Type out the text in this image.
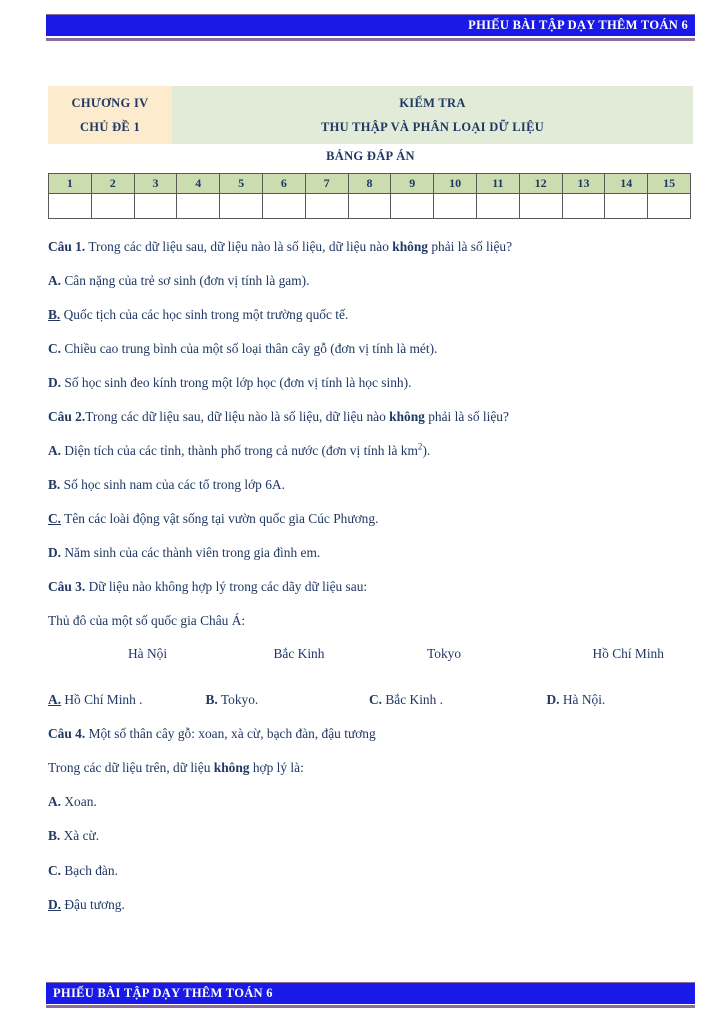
PHIẾU BÀI TẬP DẠY THÊM TOÁN 6
CHƯƠNG IV
CHỦ ĐỀ 1
KIỂM TRA
THU THẬP VÀ PHÂN LOẠI DỮ LIỆU
BẢNG ĐÁP ÁN
1	2	3	4	5	6	7	8	9	10	11	12	13	14	15

Câu 1. Trong các dữ liệu sau, dữ liệu nào là số liệu, dữ liệu nào không phải là số liệu?

A. Cân nặng của trẻ sơ sinh (đơn vị tính là gam).

B. Quốc tịch của các học sinh trong một trường quốc tế.

C. Chiều cao trung bình của một số loại thân cây gỗ (đơn vị tính là mét).

D. Số học sinh đeo kính trong một lớp học (đơn vị tính là học sinh).

Câu 2.Trong các dữ liệu sau, dữ liệu nào là số liệu, dữ liệu nào không phải là số liệu?

A. Diện tích của các tỉnh, thành phố trong cả nước (đơn vị tính là $km^2$).

B. Số học sinh nam của các tổ trong lớp 6A.

C. Tên các loài động vật sống tại vườn quốc gia Cúc Phương.

D. Năm sinh của các thành viên trong gia đình em.

Câu 3. Dữ liệu nào không hợp lý trong các dãy dữ liệu sau:

Thủ đô của một số quốc gia Châu Á:

Hà Nội	Bắc Kinh	Tokyo	Hồ Chí Minh
A. Hồ Chí Minh .	B. Tokyo.	C. Bắc Kinh .	D. Hà Nội.

Câu 4. Một số thân cây gỗ: xoan, xà cừ, bạch đàn, đậu tương

Trong các dữ liệu trên, dữ liệu không hợp lý là:

A. Xoan.

B. Xà cừ.

C. Bạch đàn.

D. Đậu tương.

PHIẾU BÀI TẬP DẠY THÊM TOÁN 6
